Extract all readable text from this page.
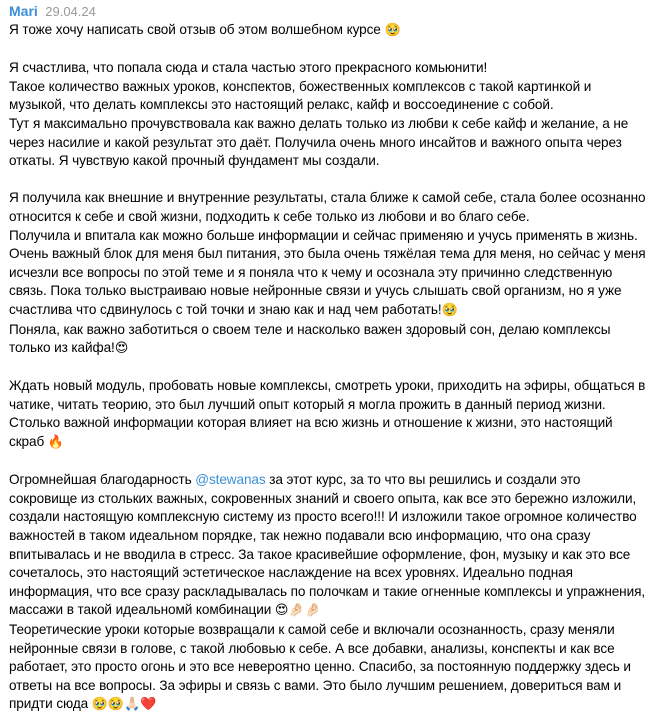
Mari 29.04.24
Я тоже хочу написать свой отзыв об этом волшебном курсе 🥹
Я счастлива, что попала сюда и стала частью этого прекрасного комьюнити!
Такое количество важных уроков, конспектов, божественных комплексов с такой картинкой и музыкой, что делать комплексы это настоящий релакс, кайф и воссоединение с собой.
Тут я максимально прочувствовала как важно делать только из любви к себе кайф и желание, а не через насилие и какой результат это даёт. Получила очень много инсайтов и важного опыта через откаты. Я чувствую какой прочный фундамент мы создали.
Я получила как внешние и внутренние результаты, стала ближе к самой себе, стала более осознанно относится к себе и свой жизни, подходить к себе только из любови и во благо себе.
Получила и впитала как можно больше информации и сейчас применяю и учусь применять в жизнь. Очень важный блок для меня был питания, это была очень тяжёлая тема для меня, но сейчас у меня исчезли все вопросы по этой теме и я поняла что к чему и осознала эту причинно следственную связь. Пока только выстраиваю новые нейронные связи и учусь слышать свой организм, но я уже счастлива что сдвинулось с той точки и знаю как и над чем работать!🥹
Поняла, как важно заботиться о своем теле и насколько важен здоровый сон, делаю комплексы только из кайфа!😍
Ждать новый модуль, пробовать новые комплексы, смотреть уроки, приходить на эфиры, общаться в чатике, читать теорию, это был лучший опыт который я могла прожить в данный период жизни. Столько важной информации которая влияет на всю жизнь и отношение к жизни, это настоящий скраб 🔥
Огромнейшая благодарность @stewanas за этот курс, за то что вы решились и создали это сокровище из стольких важных, сокровенных знаний и своего опыта, как все это бережно изложили, создали настоящую комплексную систему из просто всего!!! И изложили такое огромное количество важностей в таком идеальном порядке, так нежно подавали всю информацию, что она сразу впитывалась и не вводила в стресс. За такое красивейшие оформление, фон, музыку и как это все сочеталось, это настоящий эстетическое наслаждение на всех уровнях. Идеально подная информация, что все сразу раскладывалась по полочкам и такие огненные комплексы и упражнения, массажи в такой идеальномй комбинации 😍🤌🏻🤌🏻
Теоретические уроки которые возвращали к самой себе и включали осознанность, сразу меняли нейронные связи в голове, с такой любовью к себе. А все добавки, анализы, конспекты и как все работает, это просто огонь и это все невероятно ценно. Спасибо, за постоянную поддержку здесь и ответы на все вопросы. За эфиры и связь с вами. Это было лучшим решением, довериться вам и придти сюда 🥹🥹🙏🏻❤️
